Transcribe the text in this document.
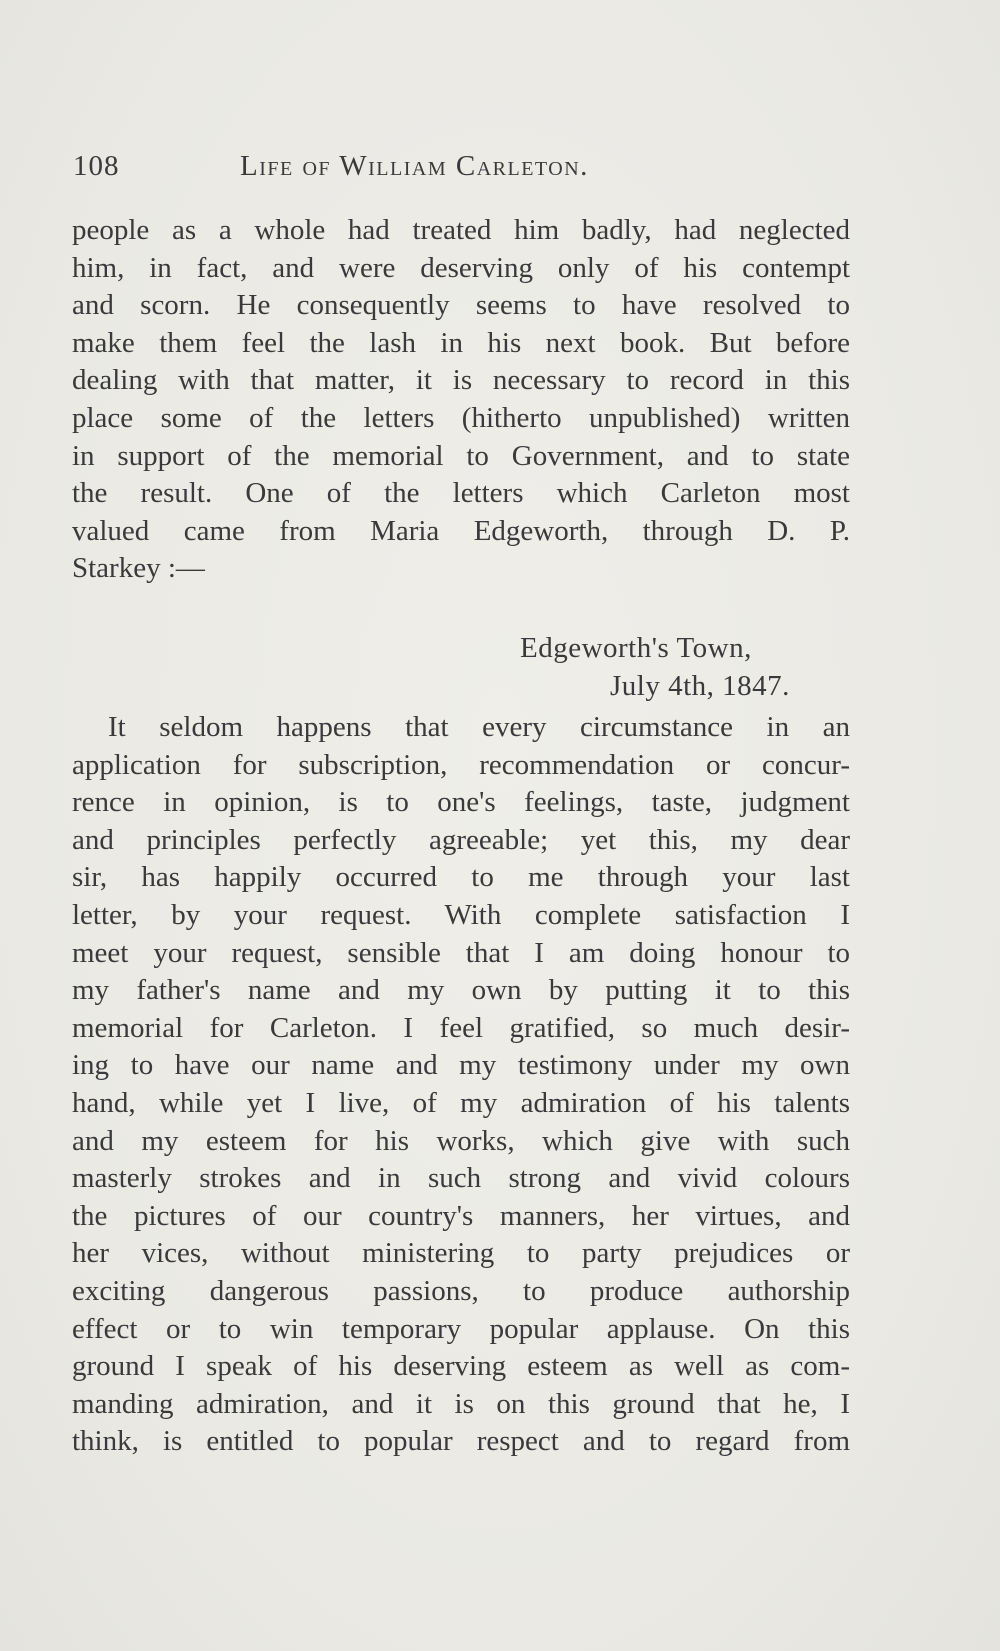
108	Life of William Carleton.
people as a whole had treated him badly, had neglected
him, in fact, and were deserving only of his contempt
and scorn. He consequently seems to have resolved to
make them feel the lash in his next book. But before
dealing with that matter, it is necessary to record in this
place some of the letters (hitherto unpublished) written
in support of the memorial to Government, and to state
the result. One of the letters which Carleton most
valued came from Maria Edgeworth, through D. P.
Starkey :—
Edgeworth's Town,
July 4th, 1847.
It seldom happens that every circumstance in an
application for subscription, recommendation or concur-
rence in opinion, is to one's feelings, taste, judgment
and principles perfectly agreeable; yet this, my dear
sir, has happily occurred to me through your last
letter, by your request. With complete satisfaction I
meet your request, sensible that I am doing honour to
my father's name and my own by putting it to this
memorial for Carleton. I feel gratified, so much desir-
ing to have our name and my testimony under my own
hand, while yet I live, of my admiration of his talents
and my esteem for his works, which give with such
masterly strokes and in such strong and vivid colours
the pictures of our country's manners, her virtues, and
her vices, without ministering to party prejudices or
exciting dangerous passions, to produce authorship
effect or to win temporary popular applause. On this
ground I speak of his deserving esteem as well as com-
manding admiration, and it is on this ground that he, I
think, is entitled to popular respect and to regard from
